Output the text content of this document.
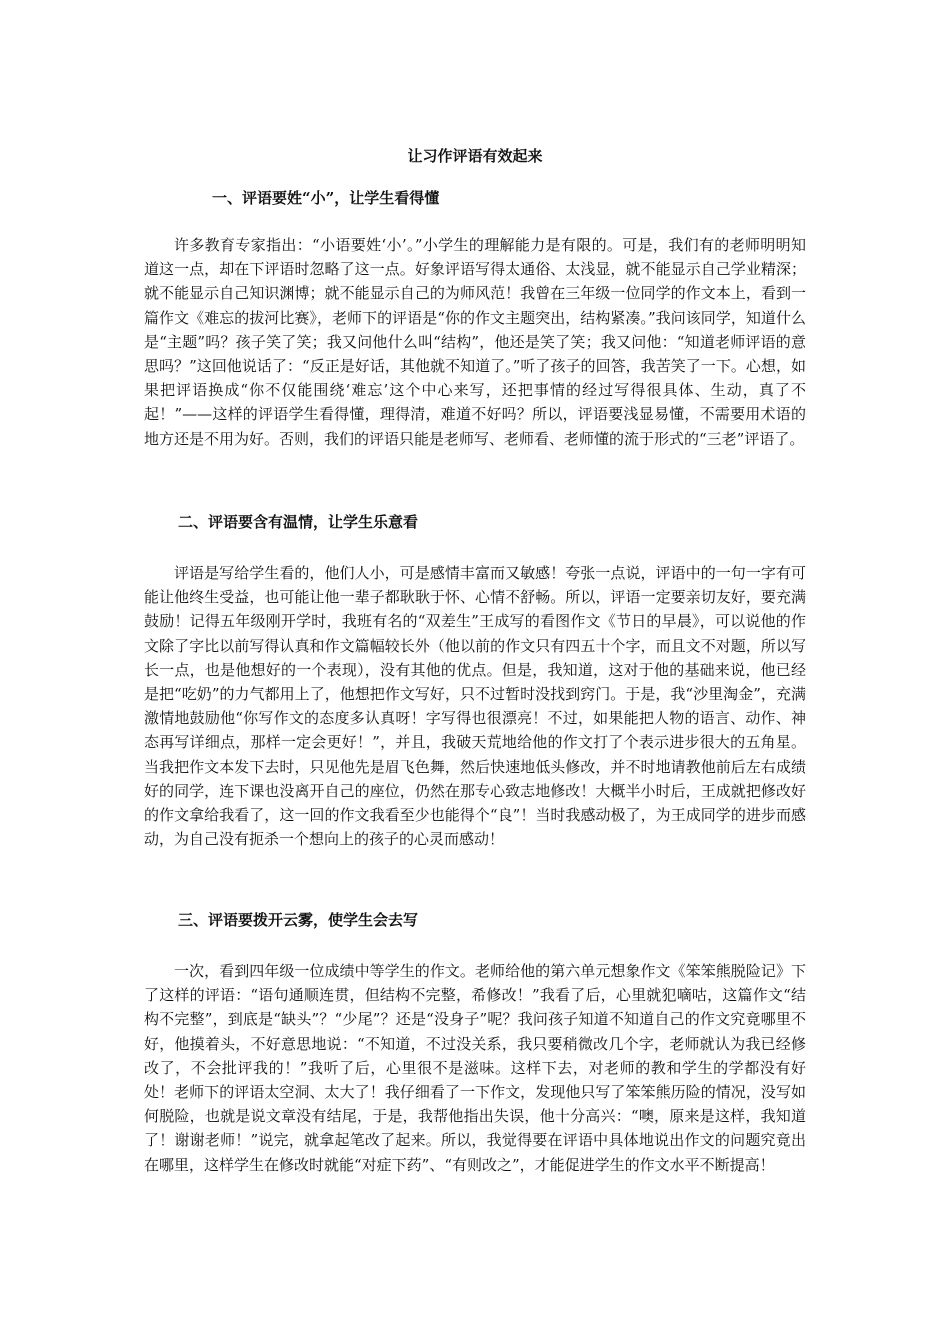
让习作评语有效起来
一、评语要姓“小”，让学生看得懂

许多教育专家指出：“小语要姓‘小’。”小学生的理解能力是有限的。可是，我们有的老师明明知道这一点，却在下评语时忽略了这一点。好象评语写得太通俗、太浅显，就不能显示自己学业精深；就不能显示自己知识渊博；就不能显示自己的为师风范！我曾在三年级一位同学的作文本上，看到一篇作文《难忘的拔河比赛》，老师下的评语是“你的作文主题突出，结构紧凑。”我问该同学，知道什么是“主题”吗？孩子笑了笑；我又问他什么叫“结构”，他还是笑了笑；我又问他：“知道老师评语的意思吗？”这回他说话了：“反正是好话，其他就不知道了。”听了孩子的回答，我苦笑了一下。心想，如果把评语换成“你不仅能围绕‘难忘’这个中心来写，还把事情的经过写得很具体、生动，真了不起！”——这样的评语学生看得懂，理得清，难道不好吗？所以，评语要浅显易懂，不需要用术语的地方还是不用为好。否则，我们的评语只能是老师写、老师看、老师懂的流于形式的“三老”评语了。

二、评语要含有温情，让学生乐意看

评语是写给学生看的，他们人小，可是感情丰富而又敏感！夸张一点说，评语中的一句一字有可能让他终生受益，也可能让他一辈子都耿耿于怀、心情不舒畅。所以，评语一定要亲切友好，要充满鼓励！记得五年级刚开学时，我班有名的“双差生”王成写的看图作文《节日的早晨》，可以说他的作文除了字比以前写得认真和作文篇幅较长外（他以前的作文只有四五十个字，而且文不对题，所以写长一点，也是他想好的一个表现），没有其他的优点。但是，我知道，这对于他的基础来说，他已经是把“吃奶”的力气都用上了，他想把作文写好，只不过暂时没找到窍门。于是，我“沙里淘金”，充满激情地鼓励他“你写作文的态度多认真呀！字写得也很漂亮！不过，如果能把人物的语言、动作、神态再写详细点，那样一定会更好！”，并且，我破天荒地给他的作文打了个表示进步很大的五角星。当我把作文本发下去时，只见他先是眉飞色舞，然后快速地低头修改，并不时地请教他前后左右成绩好的同学，连下课也没离开自己的座位，仍然在那专心致志地修改！大概半小时后，王成就把修改好的作文拿给我看了，这一回的作文我看至少也能得个“良”！当时我感动极了，为王成同学的进步而感动，为自己没有扼杀一个想向上的孩子的心灵而感动！

三、评语要拨开云雾，使学生会去写

一次，看到四年级一位成绩中等学生的作文。老师给他的第六单元想象作文《笨笨熊脱险记》下了这样的评语：“语句通顺连贯，但结构不完整，希修改！”我看了后，心里就犯嘀咕，这篇作文“结构不完整”，到底是“缺头”？“少尾”？还是“没身子”呢？我问孩子知道不知道自己的作文究竟哪里不好，他摸着头，不好意思地说：“不知道，不过没关系，我只要稍微改几个字，老师就认为我已经修改了，不会批评我的！”我听了后，心里很不是滋味。这样下去，对老师的教和学生的学都没有好处！老师下的评语太空洞、太大了！我仔细看了一下作文，发现他只写了笨笨熊历险的情况，没写如何脱险，也就是说文章没有结尾，于是，我帮他指出失误，他十分高兴：“噢，原来是这样，我知道了！谢谢老师！”说完，就拿起笔改了起来。所以，我觉得要在评语中具体地说出作文的问题究竟出在哪里，这样学生在修改时就能“对症下药”、“有则改之”，才能促进学生的作文水平不断提高！
